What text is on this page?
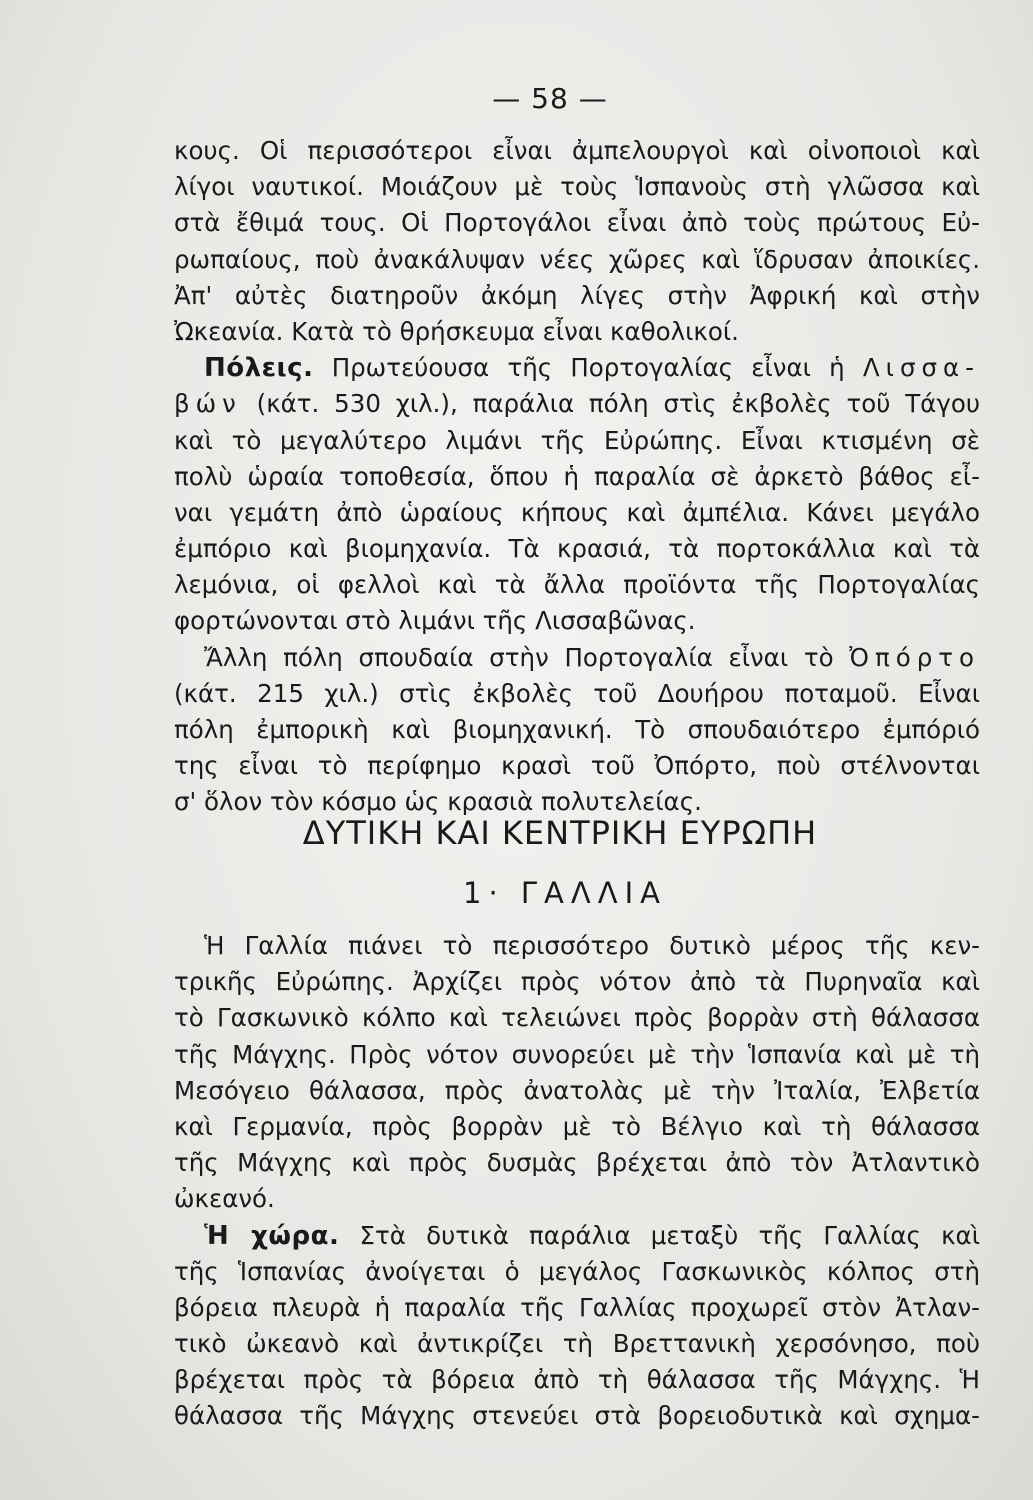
— 58 —
κους. Οἱ περισσότεροι εἶναι ἀμπελουργοὶ καὶ οἰνοποιοὶ καὶ
λίγοι ναυτικοί. Μοιάζουν μὲ τοὺς Ἱσπανοὺς στὴ γλῶσσα καὶ
στὰ ἔθιμά τους. Οἱ Πορτογάλοι εἶναι ἀπὸ τοὺς πρώτους Εὐ-
ρωπαίους, ποὺ ἀνακάλυψαν νέες χῶρες καὶ ἵδρυσαν ἀποικίες.
Ἀπ' αὐτὲς διατηροῦν ἀκόμη λίγες στὴν Ἀφρική καὶ στὴν
Ὠκεανία. Κατὰ τὸ θρήσκευμα εἶναι καθολικοί.
Πόλεις. Πρωτεύουσα τῆς Πορτογαλίας εἶναι ἡ Λισσα-
βών (κάτ. 530 χιλ.), παράλια πόλη στὶς ἐκβολὲς τοῦ Τάγου
καὶ τὸ μεγαλύτερο λιμάνι τῆς Εὐρώπης. Εἶναι κτισμένη σὲ
πολὺ ὡραία τοποθεσία, ὅπου ἡ παραλία σὲ ἀρκετὸ βάθος εἶ-
ναι γεμάτη ἀπὸ ὡραίους κήπους καὶ ἀμπέλια. Κάνει μεγάλο
ἐμπόριο καὶ βιομηχανία. Τὰ κρασιά, τὰ πορτοκάλλια καὶ τὰ
λεμόνια, οἱ φελλοὶ καὶ τὰ ἄλλα προϊόντα τῆς Πορτογαλίας
φορτώνονται στὸ λιμάνι τῆς Λισσαβῶνας.
Ἄλλη πόλη σπουδαία στὴν Πορτογαλία εἶναι τὸ Ὀπόρτο
(κάτ. 215 χιλ.) στὶς ἐκβολὲς τοῦ Δουήρου ποταμοῦ. Εἶναι
πόλη ἐμπορικὴ καὶ βιομηχανική. Τὸ σπουδαιότερο ἐμπόριό
της εἶναι τὸ περίφημο κρασὶ τοῦ Ὀπόρτο, ποὺ στέλνονται
σ' ὅλον τὸν κόσμο ὡς κρασιὰ πολυτελείας.
ΔΥΤΙΚΗ ΚΑΙ ΚΕΝΤΡΙΚΗ ΕΥΡΩΠΗ
1· ΓΑΛΛΙΑ
Ἡ Γαλλία πιάνει τὸ περισσότερο δυτικὸ μέρος τῆς κεν-
τρικῆς Εὐρώπης. Ἀρχίζει πρὸς νότον ἀπὸ τὰ Πυρηναῖα καὶ
τὸ Γασκωνικὸ κόλπο καὶ τελειώνει πρὸς βορρὰν στὴ θάλασσα
τῆς Μάγχης. Πρὸς νότον συνορεύει μὲ τὴν Ἱσπανία καὶ μὲ τὴ
Μεσόγειο θάλασσα, πρὸς ἀνατολὰς μὲ τὴν Ἰταλία, Ἐλβετία
καὶ Γερμανία, πρὸς βορρὰν μὲ τὸ Βέλγιο καὶ τὴ θάλασσα
τῆς Μάγχης καὶ πρὸς δυσμὰς βρέχεται ἀπὸ τὸν Ἀτλαντικὸ
ὠκεανό.
Ἡ χώρα. Στὰ δυτικὰ παράλια μεταξὺ τῆς Γαλλίας καὶ
τῆς Ἱσπανίας ἀνοίγεται ὁ μεγάλος Γασκωνικὸς κόλπος στὴ
βόρεια πλευρὰ ἡ παραλία τῆς Γαλλίας προχωρεῖ στὸν Ἀτλαν-
τικὸ ὠκεανὸ καὶ ἀντικρίζει τὴ Βρεττανικὴ χερσόνησο, ποὺ
βρέχεται πρὸς τὰ βόρεια ἀπὸ τὴ θάλασσα τῆς Μάγχης. Ἡ
θάλασσα τῆς Μάγχης στενεύει στὰ βορειοδυτικὰ καὶ σχημα-
